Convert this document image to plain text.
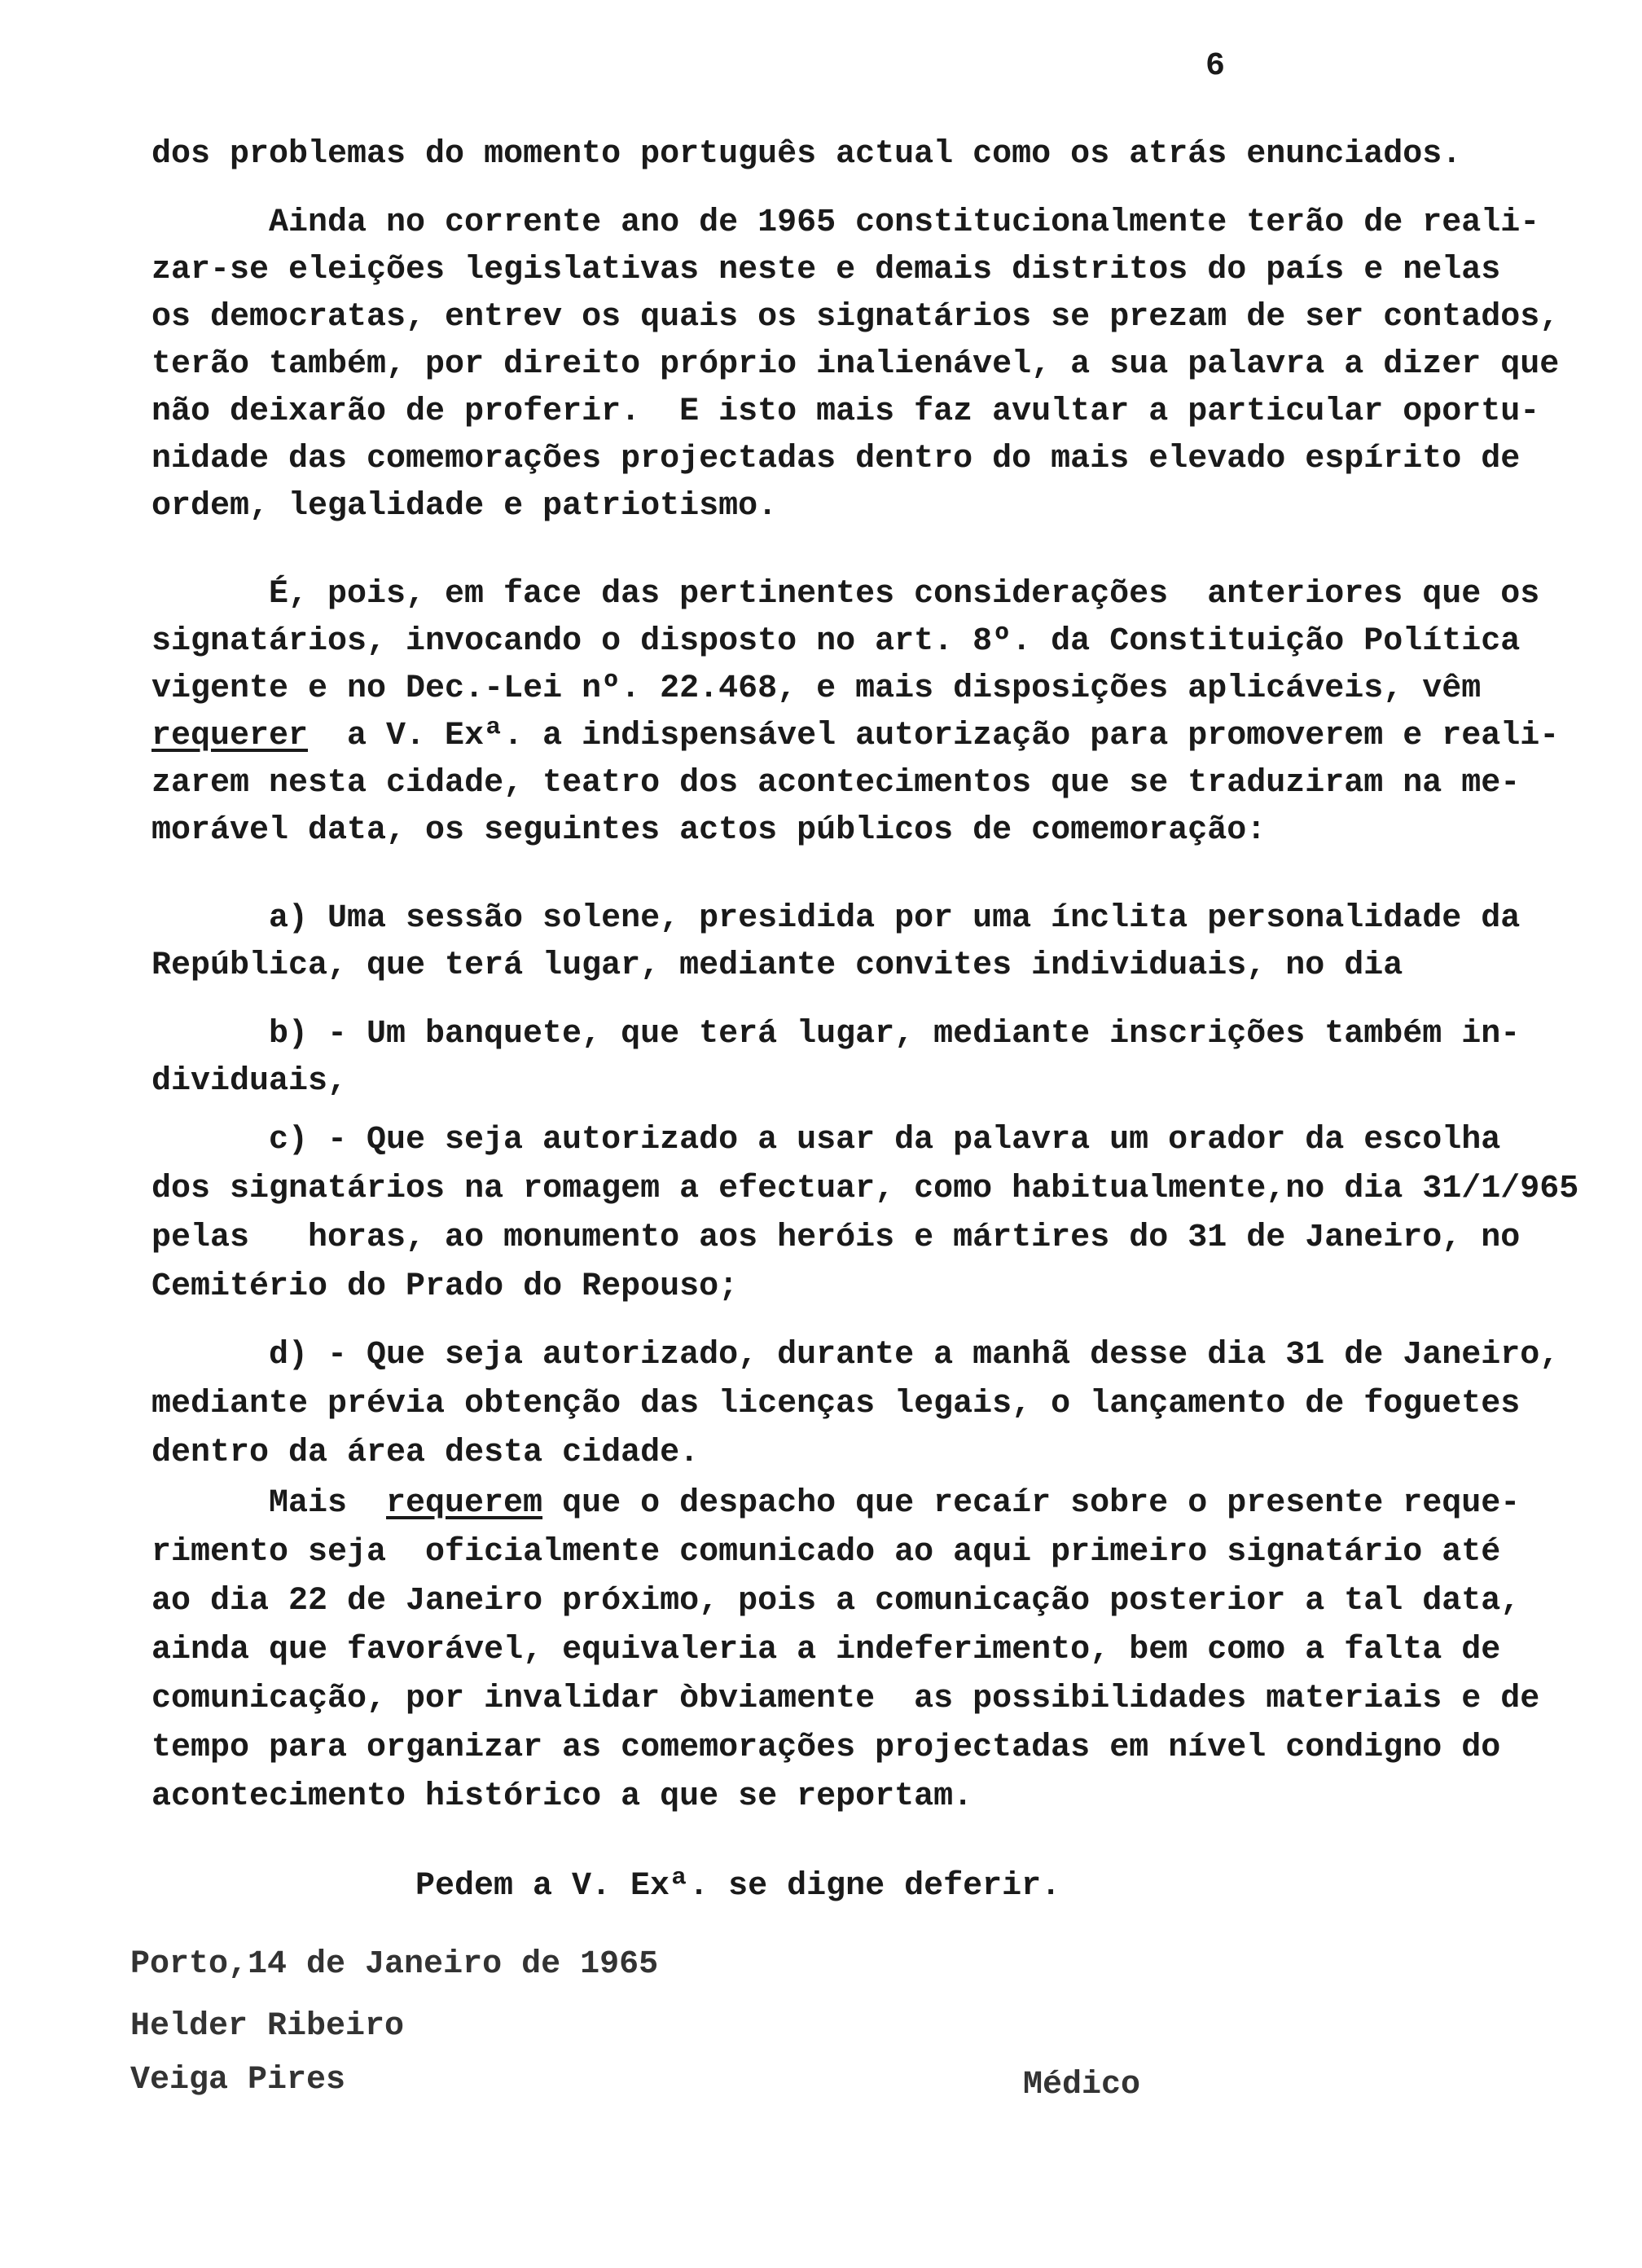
6
dos problemas do momento português actual como os atrás enunciados.
Ainda no corrente ano de 1965 constitucionalmente terão de reali-
zar-se eleições legislativas neste e demais distritos do país e nelas
os democratas, entrev os quais os signatários se prezam de ser contados,
terão também, por direito próprio inalienável, a sua palavra a dizer que
não deixarão de proferir.  E isto mais faz avultar a particular oportu-
nidade das comemorações projectadas dentro do mais elevado espírito de
ordem, legalidade e patriotismo.
É, pois, em face das pertinentes considerações  anteriores que os
signatários, invocando o disposto no art. 8º. da Constituição Política
vigente e no Dec.-Lei nº. 22.468, e mais disposições aplicáveis, vêm
requerer  a V. Exª. a indispensável autorização para promoverem e reali-
zarem nesta cidade, teatro dos acontecimentos que se traduziram na me-
morável data, os seguintes actos públicos de comemoração:
a) Uma sessão solene, presidida por uma ínclita personalidade da
República, que terá lugar, mediante convites individuais, no dia
b) - Um banquete, que terá lugar, mediante inscrições também in-
dividuais,
c) - Que seja autorizado a usar da palavra um orador da escolha
dos signatários na romagem a efectuar, como habitualmente,no dia 31/1/965
pelas   horas, ao monumento aos heróis e mártires do 31 de Janeiro, no
Cemitério do Prado do Repouso;
d) - Que seja autorizado, durante a manhã desse dia 31 de Janeiro,
mediante prévia obtenção das licenças legais, o lançamento de foguetes
dentro da área desta cidade.
Mais requerem que o despacho que recaír sobre o presente reque-
rimento seja  oficialmente comunicado ao aqui primeiro signatário até
ao dia 22 de Janeiro próximo, pois a comunicação posterior a tal data,
ainda que favorável, equivaleria a indeferimento, bem como a falta de
comunicação, por invalidar òbviamente  as possibilidades materiais e de
tempo para organizar as comemorações projectadas em nível condigno do
acontecimento histórico a que se reportam.
Pedem a V. Exª. se digne deferir.
Porto,14 de Janeiro de 1965
Helder Ribeiro
Veiga Pires	Médico
